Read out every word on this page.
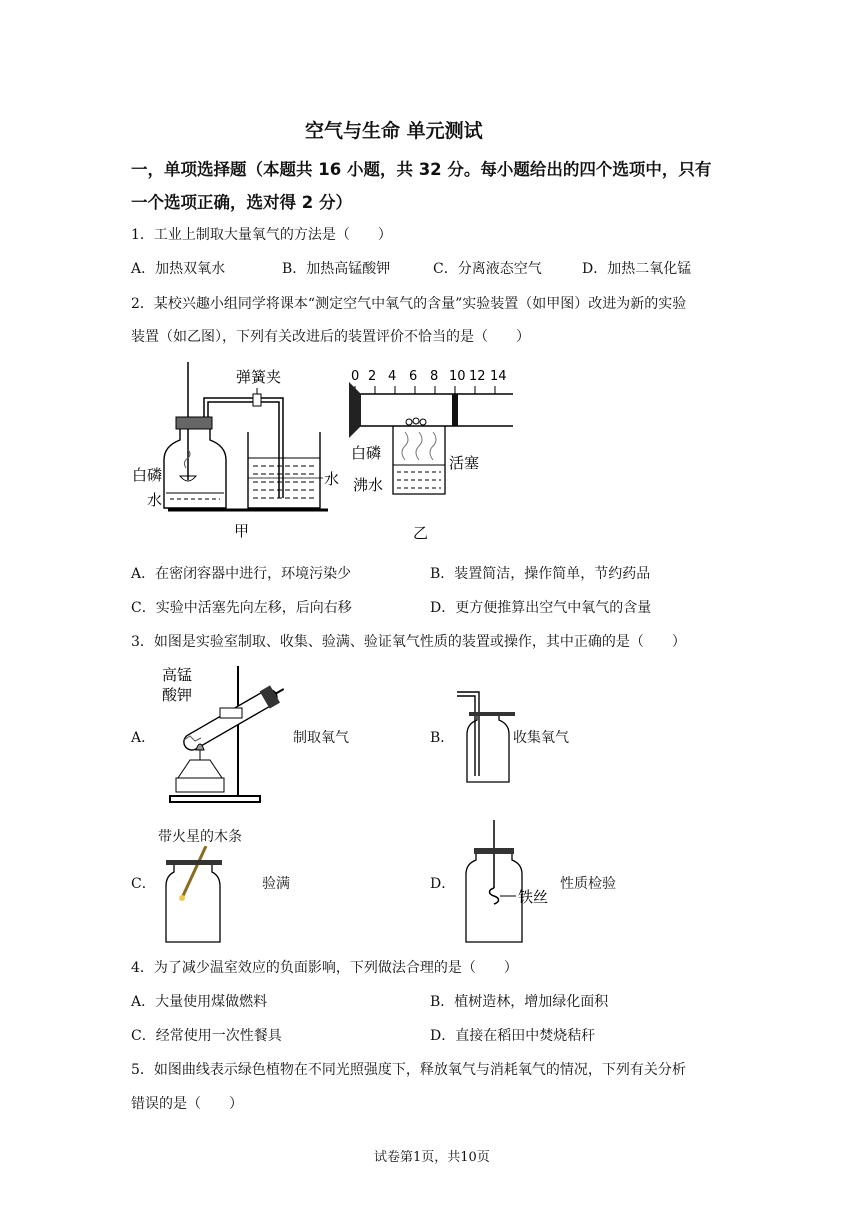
空气与生命 单元测试
一，单项选择题（本题共 16 小题，共 32 分。每小题给出的四个选项中，只有
一个选项正确，选对得 2 分）
1．工业上制取大量氧气的方法是（　　）
A．加热双氧水	B．加热高锰酸钾	C．分离液态空气	D．加热二氧化锰
2．某校兴趣小组同学将课本“测定空气中氧气的含量”实验装置（如甲图）改进为新的实验
装置（如乙图），下列有关改进后的装置评价不恰当的是（　　）
弹簧夹
白磷
水
水
甲
0 2 4 6 8 10 12 14
白磷
活塞
沸水
乙
A．在密闭容器中进行，环境污染少	B．装置简洁，操作简单，节约药品
C．实验中活塞先向左移，后向右移	D．更方便推算出空气中氧气的含量
3．如图是实验室制取、收集、验满、验证氧气性质的装置或操作，其中正确的是（　　）
A．
高锰
酸钾
制取氧气	B．	收集氧气
C．
带火星的木条
验满	D．
铁丝
性质检验
4．为了减少温室效应的负面影响，下列做法合理的是（　　）
A．大量使用煤做燃料	B．植树造林，增加绿化面积
C．经常使用一次性餐具	D．直接在稻田中焚烧秸秆
5．如图曲线表示绿色植物在不同光照强度下，释放氧气与消耗氧气的情况，下列有关分析
错误的是（　　）
试卷第1页，共10页
